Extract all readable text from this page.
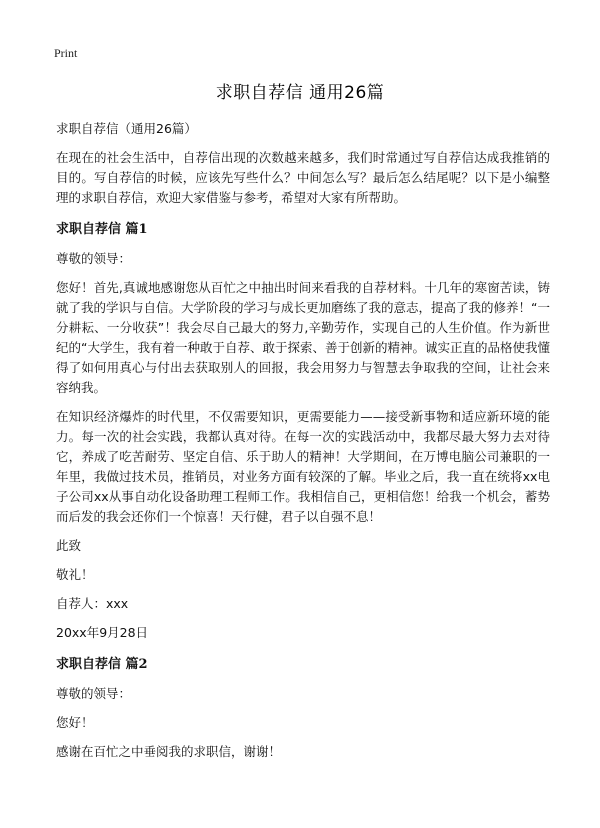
Print
求职自荐信 通用26篇

求职自荐信（通用26篇）

在现在的社会生活中，自荐信出现的次数越来越多，我们时常通过写自荐信达成我推销的目的。写自荐信的时候，应该先写些什么？中间怎么写？最后怎么结尾呢？以下是小编整理的求职自荐信，欢迎大家借鉴与参考，希望对大家有所帮助。

求职自荐信 篇1

尊敬的领导：

您好！首先,真诚地感谢您从百忙之中抽出时间来看我的自荐材料。十几年的寒窗苦读，铸就了我的学识与自信。大学阶段的学习与成长更加磨练了我的意志，提高了我的修养！“一分耕耘、一分收获”！我会尽自己最大的努力,辛勤劳作，实现自己的人生价值。作为新世纪的“大学生，我有着一种敢于自荐、敢于探索、善于创新的精神。诚实正直的品格使我懂得了如何用真心与付出去获取别人的回报，我会用努力与智慧去争取我的空间，让社会来容纳我。

在知识经济爆炸的时代里，不仅需要知识，更需要能力——接受新事物和适应新环境的能力。每一次的社会实践，我都认真对待。在每一次的实践活动中，我都尽最大努力去对待它，养成了吃苦耐劳、坚定自信、乐于助人的精神！大学期间，在万博电脑公司兼职的一年里，我做过技术员，推销员，对业务方面有较深的了解。毕业之后，我一直在统将xx电子公司xx从事自动化设备助理工程师工作。我相信自己，更相信您！给我一个机会，蓄势而后发的我会还你们一个惊喜！天行健，君子以自强不息！

此致

敬礼！

自荐人：xxx

20xx年9月28日

求职自荐信 篇2

尊敬的领导：

您好！

感谢在百忙之中垂阅我的求职信，谢谢！
